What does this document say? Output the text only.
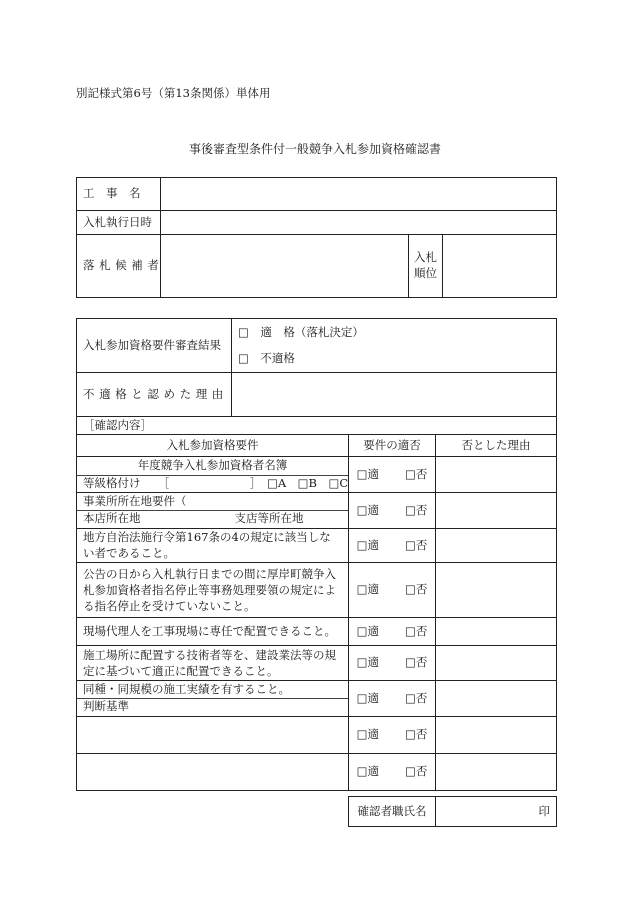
別記様式第6号（第13条関係）単体用
事後審査型条件付一般競争入札参加資格確認書
工　事　名			
入札執行日時			
落札候補者		入札
順位	

入札参加資格要件審査結果	□　適　格（落札決定）
□　不適格		

不適格と認めた理由			
［確認内容］			
入札参加資格要件		要件の適否	否とした理由

年度競争入札参加資格者名簿
等級格付け　　［　　　　　　　］　□A　□B　□C		□適 □否	

事業所所在地要件（
本店所在地 支店等所在地		□適 □否	
地方自治法施行令第167条の4の規定に該当しない者であること。		□適 □否	
公告の日から入札執行日までの間に厚岸町競争入札参加資格者指名停止等事務処理要領の規定による指名停止を受けていないこと。		□適 □否	
現場代理人を工事現場に専任で配置できること。		□適 □否	
施工場所に配置する技術者等を、建設業法等の規定に基づいて適正に配置できること。		□適 □否	

同種・同規模の施工実績を有すること。
判断基準		□適 □否	
		□適 □否	
		□適 □否	
確認者職氏名	印
